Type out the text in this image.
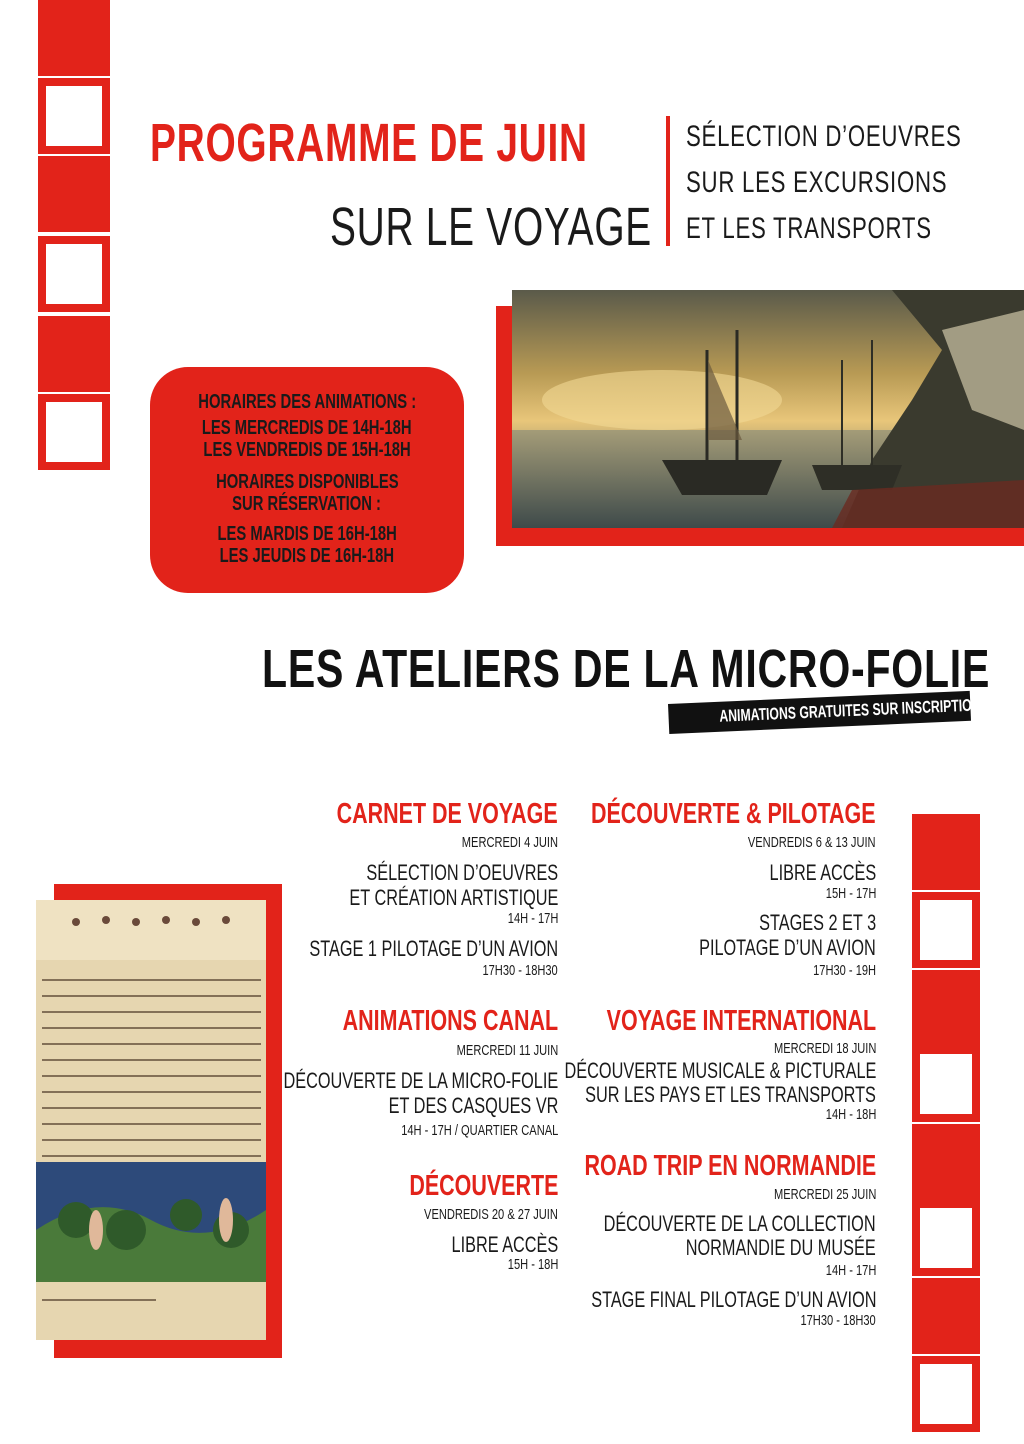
PROGRAMME DE JUIN
SUR LE VOYAGE
SÉLECTION D’OEUVRES
SUR LES EXCURSIONS
ET LES TRANSPORTS
HORAIRES DES ANIMATIONS :
LES MERCREDIS DE 14H-18H
LES VENDREDIS DE 15H-18H
HORAIRES DISPONIBLES
SUR RÉSERVATION :
LES MARDIS DE 16H-18H
LES JEUDIS DE 16H-18H
LES ATELIERS DE LA MICRO-FOLIE
ANIMATIONS GRATUITES SUR INSCRIPTION
CARNET DE VOYAGE
MERCREDI 4 JUIN
SÉLECTION D’OEUVRES
ET CRÉATION ARTISTIQUE
14H - 17H
STAGE 1 PILOTAGE D’UN AVION
17H30 - 18H30
ANIMATIONS CANAL
MERCREDI 11 JUIN
DÉCOUVERTE DE LA MICRO-FOLIE
ET DES CASQUES VR
14H - 17H / QUARTIER CANAL
DÉCOUVERTE
VENDREDIS 20 & 27 JUIN
LIBRE ACCÈS
15H - 18H
DÉCOUVERTE & PILOTAGE
VENDREDIS 6 & 13 JUIN
LIBRE ACCÈS
15H - 17H
STAGES 2 ET 3
PILOTAGE D’UN AVION
17H30 - 19H
VOYAGE INTERNATIONAL
MERCREDI 18 JUIN
DÉCOUVERTE MUSICALE & PICTURALE
SUR LES PAYS ET LES TRANSPORTS
14H - 18H
ROAD TRIP EN NORMANDIE
MERCREDI 25 JUIN
DÉCOUVERTE DE LA COLLECTION
NORMANDIE DU MUSÉE
14H - 17H
STAGE FINAL PILOTAGE D’UN AVION
17H30 - 18H30
